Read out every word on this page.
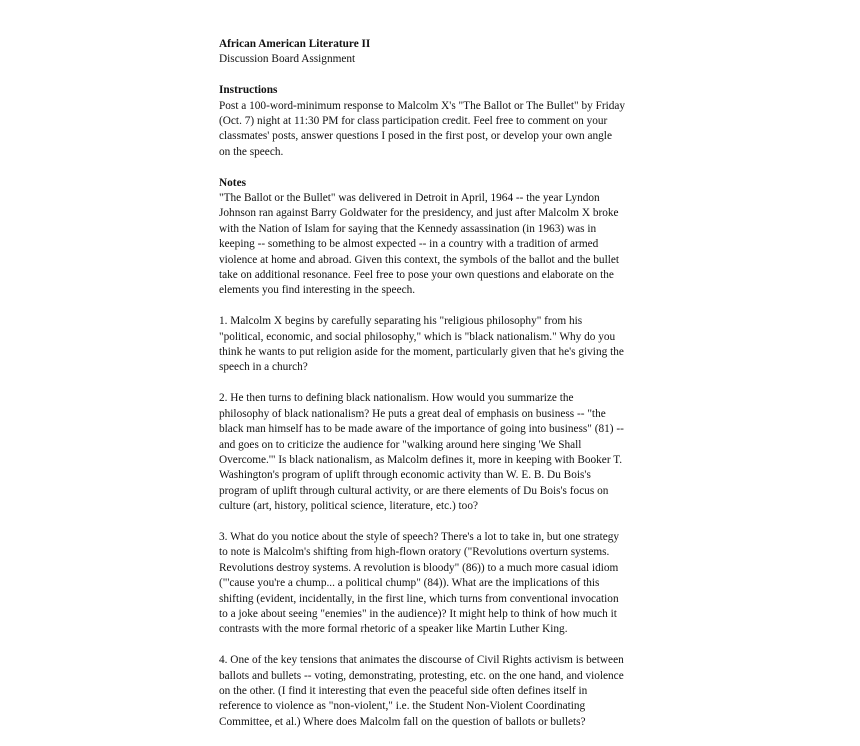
African American Literature II
Discussion Board Assignment
Instructions
Post a 100-word-minimum response to Malcolm X's "The Ballot or The Bullet" by Friday
(Oct. 7) night at 11:30 PM for class participation credit. Feel free to comment on your
classmates' posts, answer questions I posed in the first post, or develop your own angle
on the speech.
Notes
"The Ballot or the Bullet" was delivered in Detroit in April, 1964 -- the year Lyndon
Johnson ran against Barry Goldwater for the presidency, and just after Malcolm X broke
with the Nation of Islam for saying that the Kennedy assassination (in 1963) was in
keeping -- something to be almost expected -- in a country with a tradition of armed
violence at home and abroad. Given this context, the symbols of the ballot and the bullet
take on additional resonance. Feel free to pose your own questions and elaborate on the
elements you find interesting in the speech.
1. Malcolm X begins by carefully separating his "religious philosophy" from his
"political, economic, and social philosophy," which is "black nationalism." Why do you
think he wants to put religion aside for the moment, particularly given that he's giving the
speech in a church?
2. He then turns to defining black nationalism. How would you summarize the
philosophy of black nationalism? He puts a great deal of emphasis on business -- "the
black man himself has to be made aware of the importance of going into business" (81) --
and goes on to criticize the audience for "walking around here singing 'We Shall
Overcome.'" Is black nationalism, as Malcolm defines it, more in keeping with Booker T.
Washington's program of uplift through economic activity than W. E. B. Du Bois's
program of uplift through cultural activity, or are there elements of Du Bois's focus on
culture (art, history, political science, literature, etc.) too?
3. What do you notice about the style of speech? There's a lot to take in, but one strategy
to note is Malcolm's shifting from high-flown oratory ("Revolutions overturn systems.
Revolutions destroy systems. A revolution is bloody" (86)) to a much more casual idiom
("'cause you're a chump... a political chump" (84)). What are the implications of this
shifting (evident, incidentally, in the first line, which turns from conventional invocation
to a joke about seeing "enemies" in the audience)? It might help to think of how much it
contrasts with the more formal rhetoric of a speaker like Martin Luther King.
4. One of the key tensions that animates the discourse of Civil Rights activism is between
ballots and bullets -- voting, demonstrating, protesting, etc. on the one hand, and violence
on the other. (I find it interesting that even the peaceful side often defines itself in
reference to violence as "non-violent," i.e. the Student Non-Violent Coordinating
Committee, et al.) Where does Malcolm fall on the question of ballots or bullets?
